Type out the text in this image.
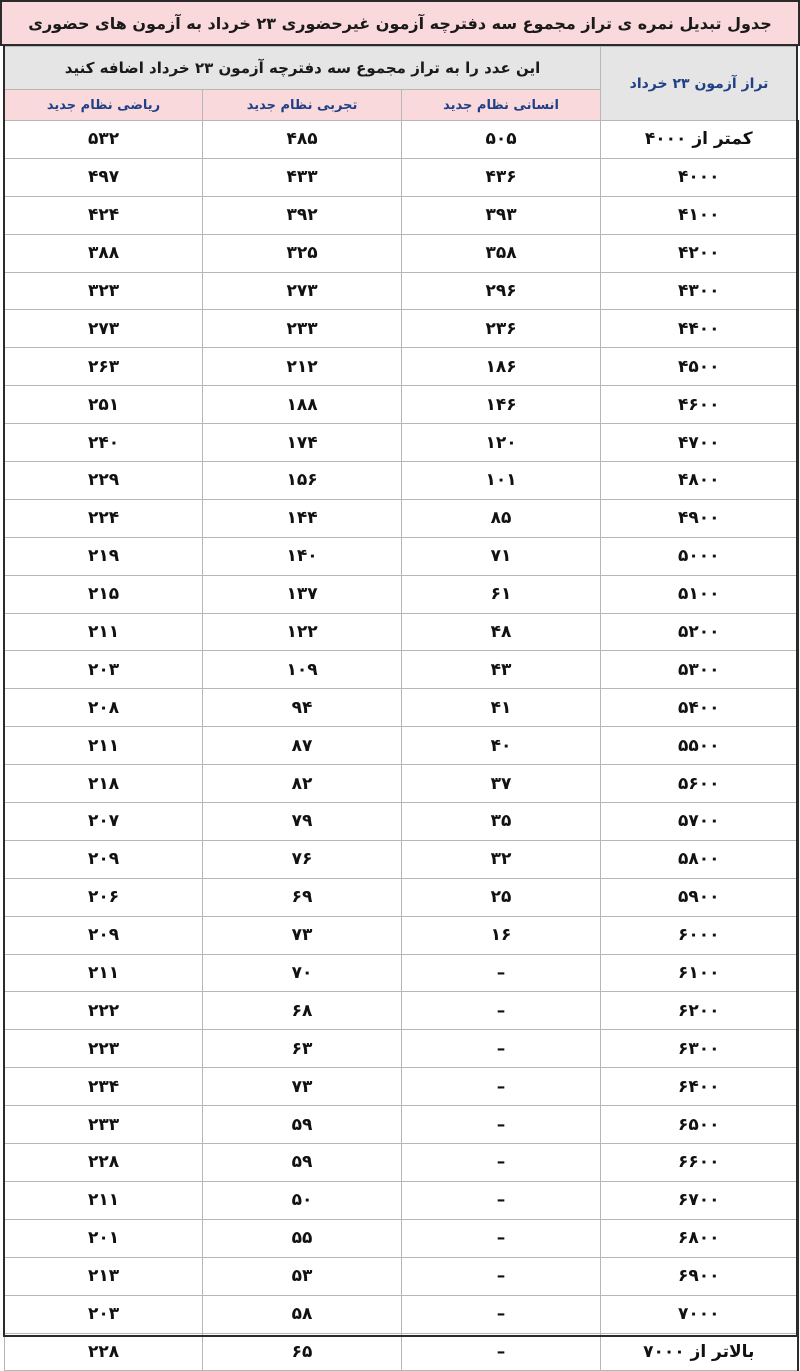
جدول تبدیل نمره ی تراز مجموع سه دفترچه آزمون غیرحضوری ۲۳ خرداد به آزمون های حضوری
تراز آزمون ۲۳ خرداد	این عدد را به تراز مجموع سه دفترچه آزمون ۲۳ خرداد اضافه کنید		
	انسانی نظام جدید	تجربی نظام جدید	ریاضی نظام جدید
کمتر از ۴۰۰۰	۵۰۵	۴۸۵	۵۳۲
۴۰۰۰	۴۳۶	۴۳۳	۴۹۷
۴۱۰۰	۳۹۳	۳۹۲	۴۲۴
۴۲۰۰	۳۵۸	۳۲۵	۳۸۸
۴۳۰۰	۲۹۶	۲۷۳	۳۲۳
۴۴۰۰	۲۳۶	۲۳۳	۲۷۳
۴۵۰۰	۱۸۶	۲۱۲	۲۶۳
۴۶۰۰	۱۴۶	۱۸۸	۲۵۱
۴۷۰۰	۱۲۰	۱۷۴	۲۴۰
۴۸۰۰	۱۰۱	۱۵۶	۲۲۹
۴۹۰۰	۸۵	۱۴۴	۲۲۴
۵۰۰۰	۷۱	۱۴۰	۲۱۹
۵۱۰۰	۶۱	۱۳۷	۲۱۵
۵۲۰۰	۴۸	۱۲۲	۲۱۱
۵۳۰۰	۴۳	۱۰۹	۲۰۳
۵۴۰۰	۴۱	۹۴	۲۰۸
۵۵۰۰	۴۰	۸۷	۲۱۱
۵۶۰۰	۳۷	۸۲	۲۱۸
۵۷۰۰	۳۵	۷۹	۲۰۷
۵۸۰۰	۳۲	۷۶	۲۰۹
۵۹۰۰	۲۵	۶۹	۲۰۶
۶۰۰۰	۱۶	۷۳	۲۰۹
۶۱۰۰	–	۷۰	۲۱۱
۶۲۰۰	–	۶۸	۲۲۲
۶۳۰۰	–	۶۳	۲۲۳
۶۴۰۰	–	۷۳	۲۳۴
۶۵۰۰	–	۵۹	۲۳۳
۶۶۰۰	–	۵۹	۲۲۸
۶۷۰۰	–	۵۰	۲۱۱
۶۸۰۰	–	۵۵	۲۰۱
۶۹۰۰	–	۵۳	۲۱۳
۷۰۰۰	–	۵۸	۲۰۳
بالاتر از ۷۰۰۰	–	۶۵	۲۲۸
